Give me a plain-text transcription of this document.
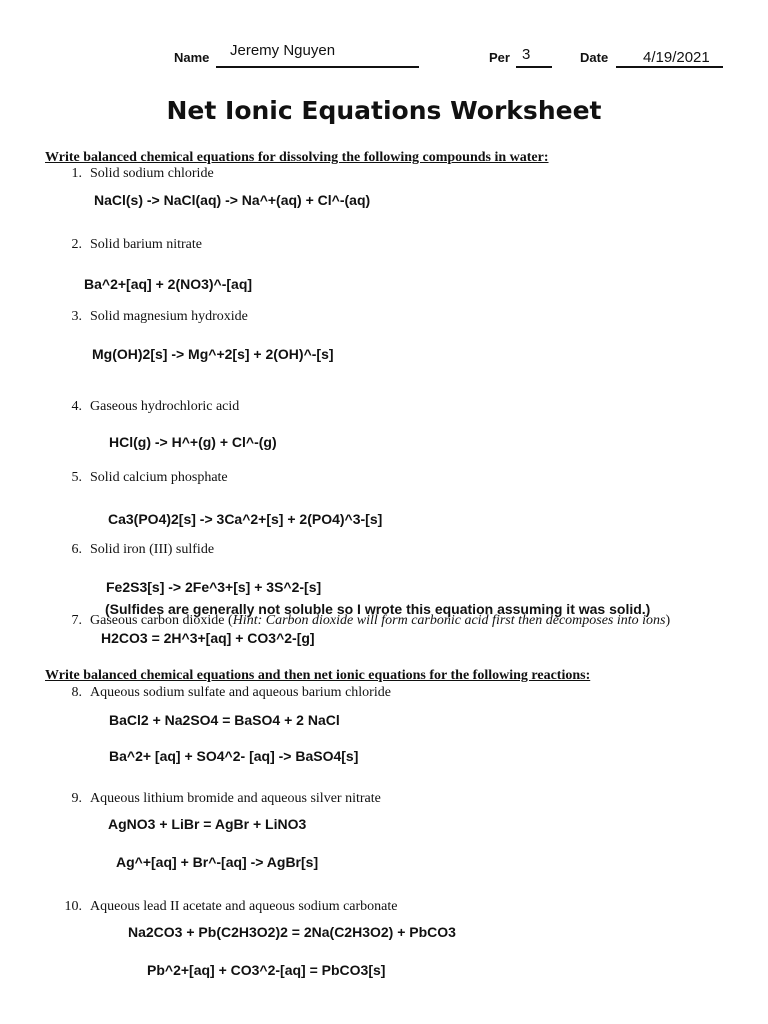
Name Jeremy Nguyen	Per 3	Date 4/19/2021
Net Ionic Equations Worksheet
Write balanced chemical equations for dissolving the following compounds in water:
1. Solid sodium chloride
NaCl(s) -> NaCl(aq) -> Na^+(aq) + Cl^-(aq)
2. Solid barium nitrate
Ba^2+[aq] + 2(NO3)^-[aq]
3. Solid magnesium hydroxide
Mg(OH)2[s] -> Mg^+2[s] + 2(OH)^-[s]
4. Gaseous hydrochloric acid
HCl(g) -> H^+(g) + Cl^-(g)
5. Solid calcium phosphate
Ca3(PO4)2[s] -> 3Ca^2+[s] + 2(PO4)^3-[s]
6. Solid iron (III) sulfide
Fe2S3[s] -> 2Fe^3+[s] + 3S^2-[s]
(Sulfides are generally not soluble so I wrote this equation assuming it was solid.)
7. Gaseous carbon dioxide (Hint: Carbon dioxide will form carbonic acid first then decomposes into ions)
H2CO3 = 2H^3+[aq] + CO3^2-[g]
Write balanced chemical equations and then net ionic equations for the following reactions:
8. Aqueous sodium sulfate and aqueous barium chloride
BaCl2 + Na2SO4 = BaSO4 + 2 NaCl
Ba^2+ [aq] + SO4^2- [aq] -> BaSO4[s]
9. Aqueous lithium bromide and aqueous silver nitrate
AgNO3 + LiBr = AgBr + LiNO3
Ag^+[aq] + Br^-[aq] -> AgBr[s]
10. Aqueous lead II acetate and aqueous sodium carbonate
Na2CO3 + Pb(C2H3O2)2 = 2Na(C2H3O2) + PbCO3
Pb^2+[aq] + CO3^2-[aq] = PbCO3[s]
